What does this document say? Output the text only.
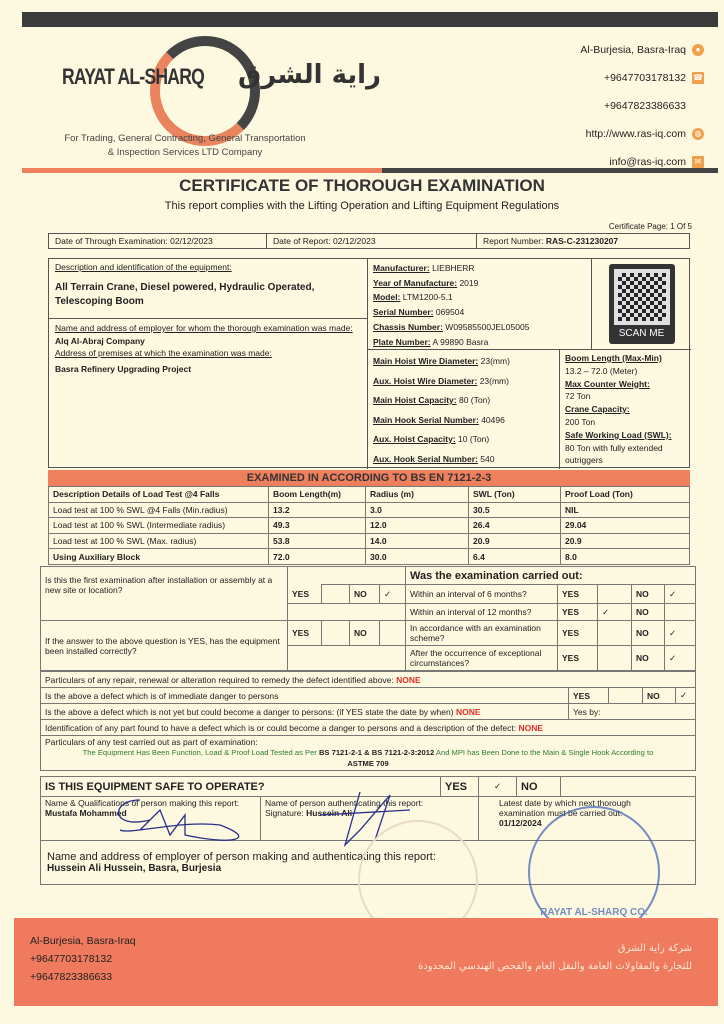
RAYAT AL-SHARQ راية الشرق
For Trading, General Contracting, General Transportation
& Inspection Services LTD Company
Al-Burjesia, Basra-Iraq	●
+9647703178132 ☎
+9647823386633
http://www.ras-iq.com	◍
info@ras-iq.com	✉
CERTIFICATE OF THOROUGH EXAMINATION
This report complies with the Lifting Operation and Lifting Equipment Regulations
Certificate Page: 1 Of 5
Date of Through Examination: 02/12/2023	Date of Report: 02/12/2023	Report Number: RAS-C-231230207
Description and identification of the equipment:
All Terrain Crane, Diesel powered, Hydraulic Operated, Telescoping Boom
Name and address of employer for whom the thorough examination was made:
Alq Al-Abraj Company
Address of premises at which the examination was made:
Basra Refinery Upgrading Project
Manufacturer: LIEBHERR
Year of Manufacture: 2019
Model: LTM1200-5.1
Serial Number: 069504
Chassis Number: W09585500JEL05005
Plate Number: A 99890 Basra
SCAN ME
Main Hoist Wire Diameter: 23(mm)
Aux. Hoist Wire Diameter: 23(mm)
Main Hoist Capacity: 80 (Ton)
Main Hook Serial Number: 40496
Aux. Hoist Capacity: 10 (Ton)
Aux. Hook Serial Number: 540
Boom Length (Max-Min)
13.2 – 72.0 (Meter)
Max Counter Weight:
72 Ton
Crane Capacity:
200 Ton
Safe Working Load (SWL):
80 Ton with fully extended outriggers
EXAMINED IN ACCORDING TO BS EN 7121-2-3
Description Details of Load Test @4 Falls	Boom Length(m)	Radius (m)	SWL (Ton)	Proof Load (Ton)
Load test at 100 % SWL @4 Falls (Min.radius)	13.2	3.0	30.5	NIL
Load test at 100 % SWL (Intermediate radius)	49.3	12.0	26.4	29.04
Load test at 100 % SWL (Max. radius)	53.8	14.0	20.9	20.9
Using Auxiliary Block	72.0	30.0	6.4	8.0
Is this the first examination after installation or assembly at a new site or location?					Was the examination carried out:				
	YES		NO	✓	Within an interval of 6 months?	YES		NO	✓
					Within an interval of 12 months?	YES	✓	NO	
If the answer to the above question is YES, has the equipment been installed correctly?	YES		NO		In accordance with an examination scheme?	YES		NO	✓
					After the occurrence of exceptional circumstances?	YES		NO	✓
Particulars of any repair, renewal or alteration required to remedy the defect identified above: NONE				
Is the above a defect which is of immediate danger to persons	YES		NO	✓
Is the above a defect which is not yet but could become a danger to persons: (if YES state the date by when) NONE	Yes by:			
Identification of any part found to have a defect which is or could become a danger to persons and a description of the defect: NONE				

Particulars of any test carried out as part of examination:
The Equipment Has Been Function, Load & Proof Load Tested as Per BS 7121-2-1 & BS 7121-2-3:2012 And MPI has Been Done to the Main & Single Hook According to
ASTME 709				
IS THIS EQUIPMENT SAFE TO OPERATE?	YES	✓	NO	
Name & Qualifications of person making this report:
Mustafa Mohammed

Name of person authenticating this report:
Signature: Hussein Ali

Latest date by which next thorough examination must be carried out:
01/12/2024

Name and address of employer of person making and authenticating this report:
Hussein Ali Hussein, Basra, Burjesia
RAYAT AL-SHARQ CO.
Al-Burjesia, Basra-Iraq
+9647703178132
+9647823386633
شركة راية الشرق
للتجارة والمقاولات العامة والنقل العام والفحص الهندسي المحدودة
